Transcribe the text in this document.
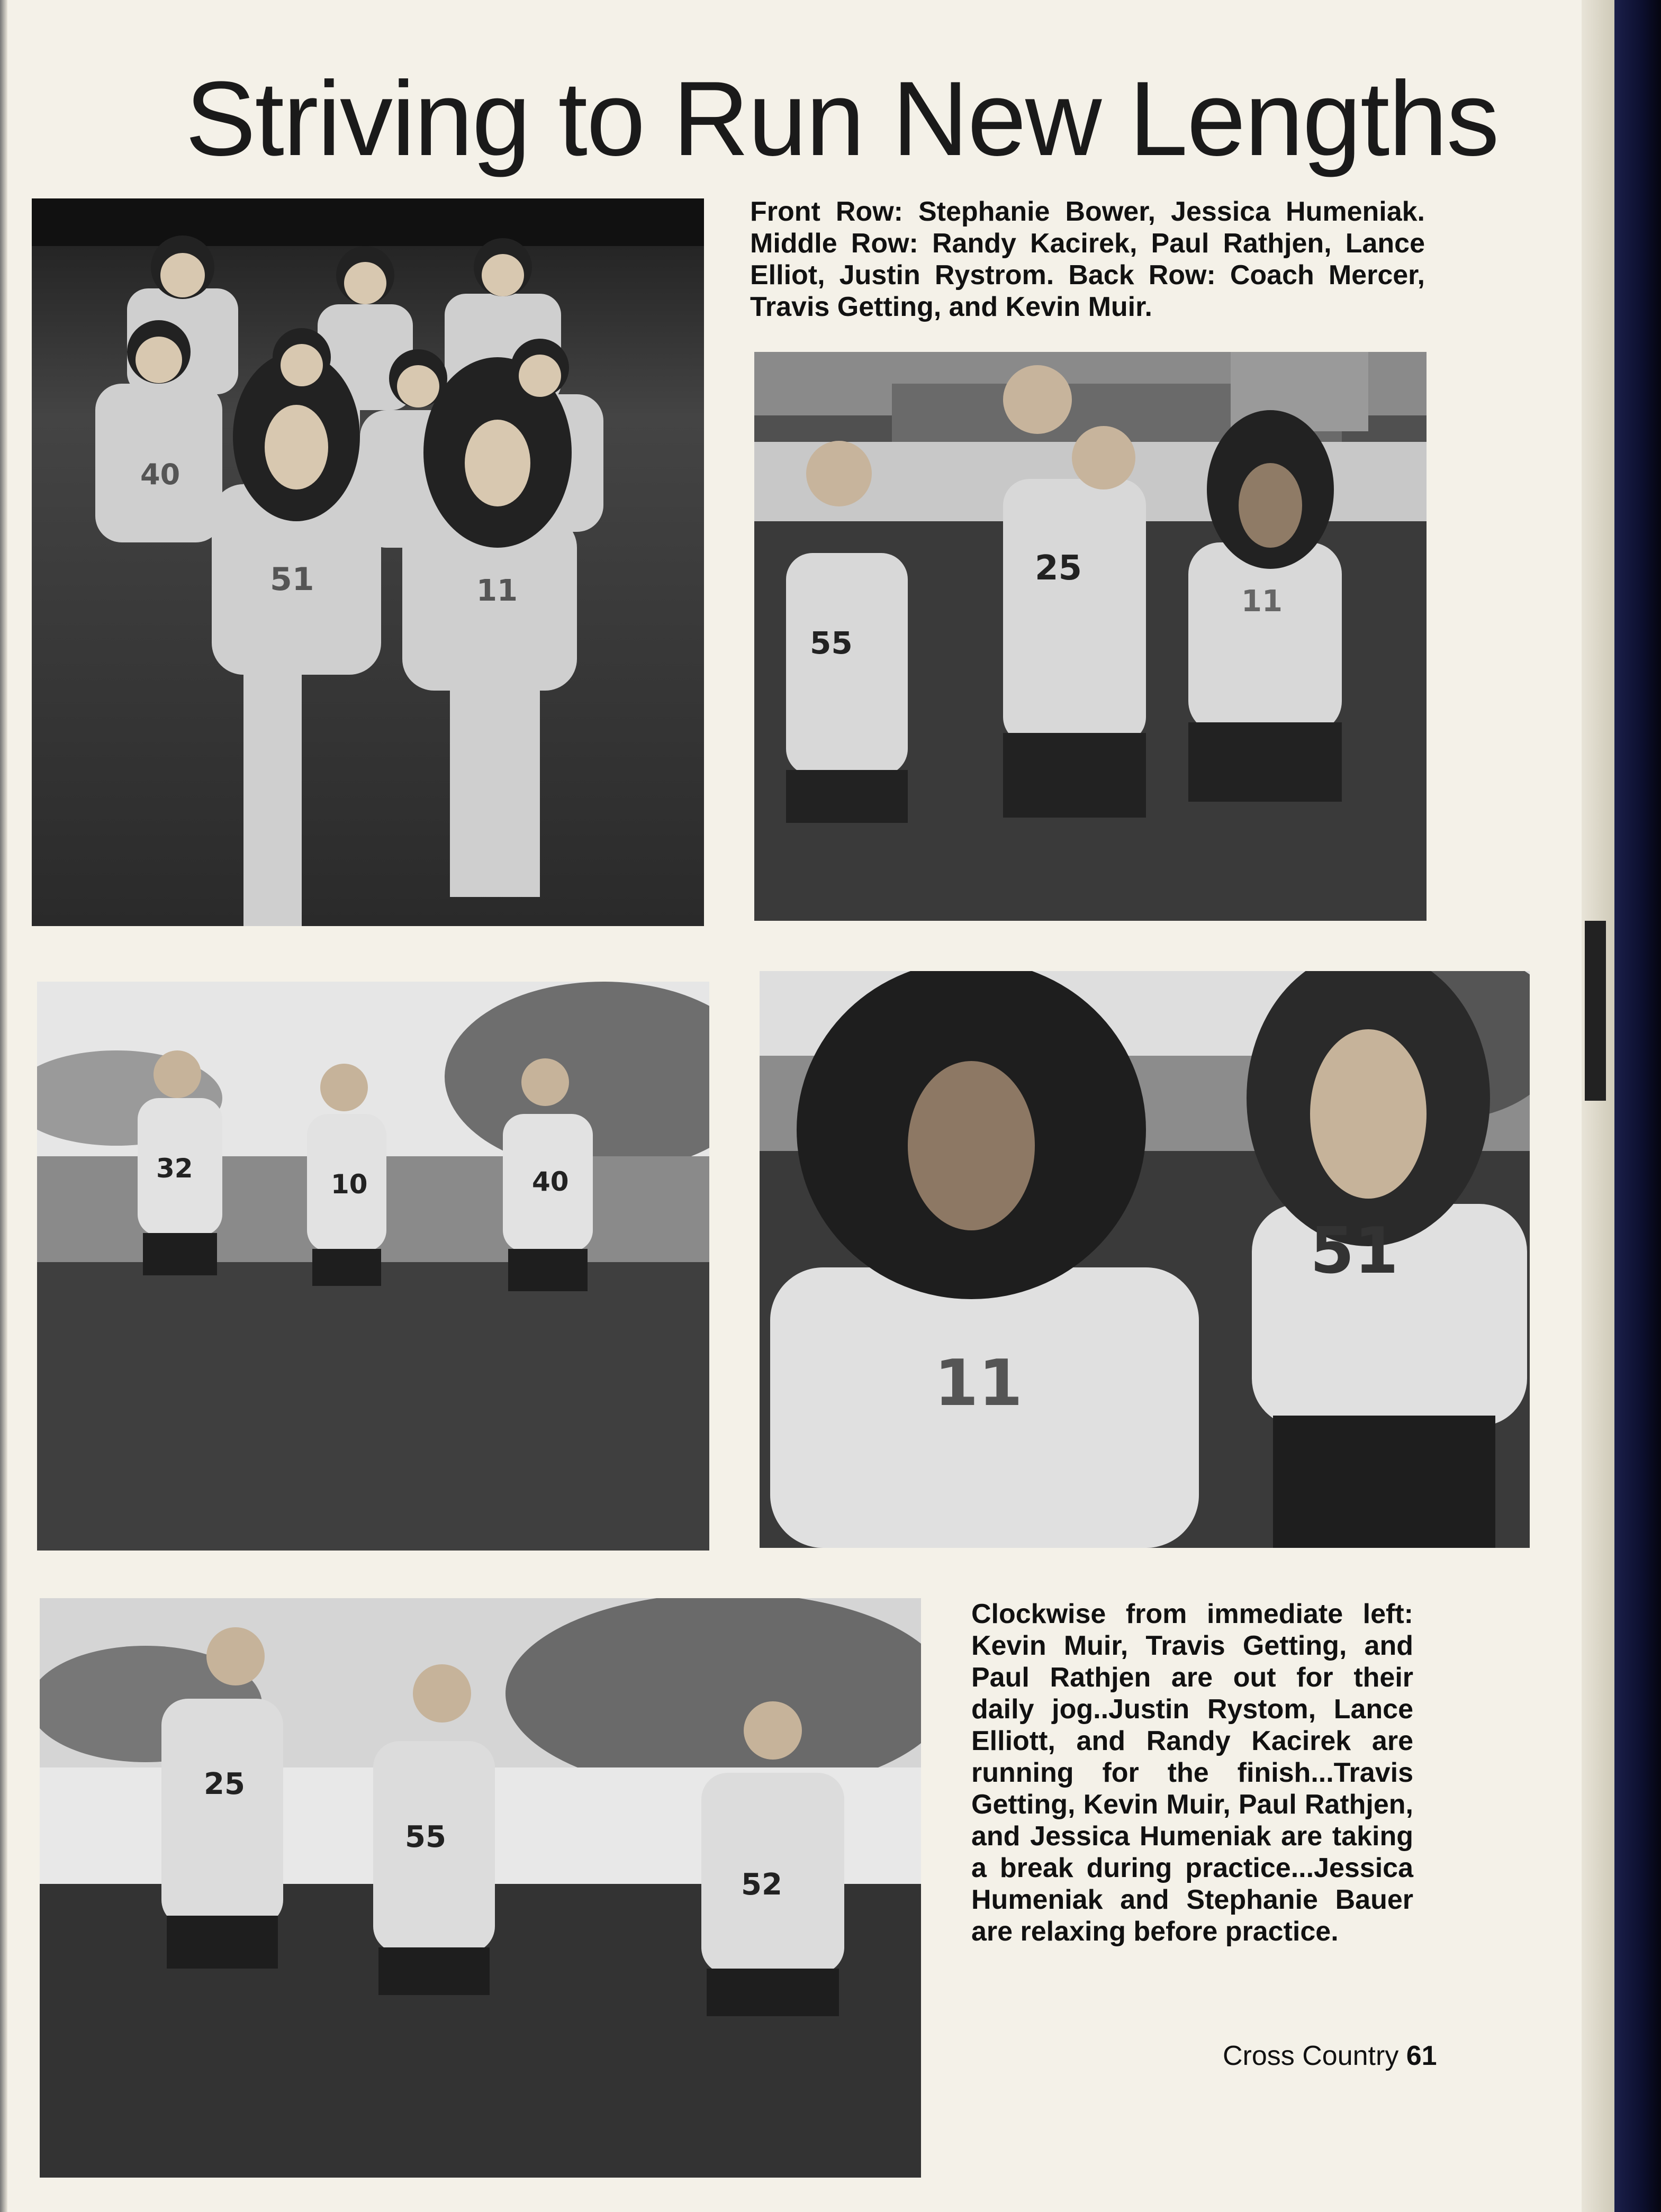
Striving to Run New Lengths
40
51	11
Front Row: Stephanie Bower, Jessica Humeniak. Middle Row: Randy Kacirek, Paul Rathjen, Lance Elliot, Justin Rystrom. Back Row: Coach Mercer, Travis Getting, and Kevin Muir.
55
25
11
32
10	40
11
51
25
55
52
Clockwise from immediate left: Kevin Muir, Travis Getting, and Paul Rathjen are out for their daily jog..Justin Rystom, Lance Elliott, and Randy Kacirek are running for the finish...Travis Getting, Kevin Muir, Paul Rathjen, and Jessica Humeniak are taking a break during practice...Jessica Humeniak and Stephanie Bauer are relaxing before practice.
Cross Country 61
